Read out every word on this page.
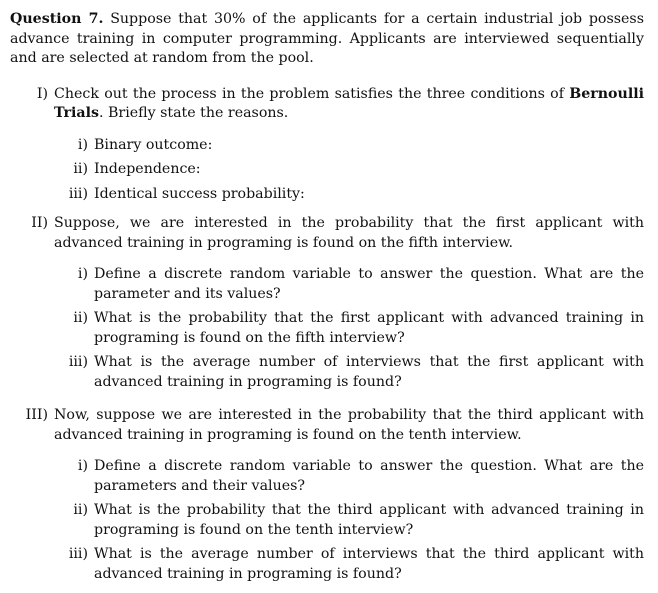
Question 7. Suppose that 30% of the applicants for a certain industrial job possess advance training in computer programming. Applicants are interviewed sequentially and are selected at random from the pool.

I) Check out the process in the problem satisfies the three conditions of Bernoulli Trials. Briefly state the reasons.

i) Binary outcome:
ii) Independence:
iii) Identical success probability:
II) Suppose, we are interested in the probability that the first applicant with advanced training in programing is found on the fifth interview.

i) Define a discrete random variable to answer the question. What are the parameter and its values?
ii) What is the probability that the first applicant with advanced training in programing is found on the fifth interview?
iii) What is the average number of interviews that the first applicant with advanced training in programing is found?
III) Now, suppose we are interested in the probability that the third applicant with advanced training in programing is found on the tenth interview.

i) Define a discrete random variable to answer the question. What are the parameters and their values?
ii) What is the probability that the third applicant with advanced training in programing is found on the tenth interview?
iii) What is the average number of interviews that the third applicant with advanced training in programing is found?
